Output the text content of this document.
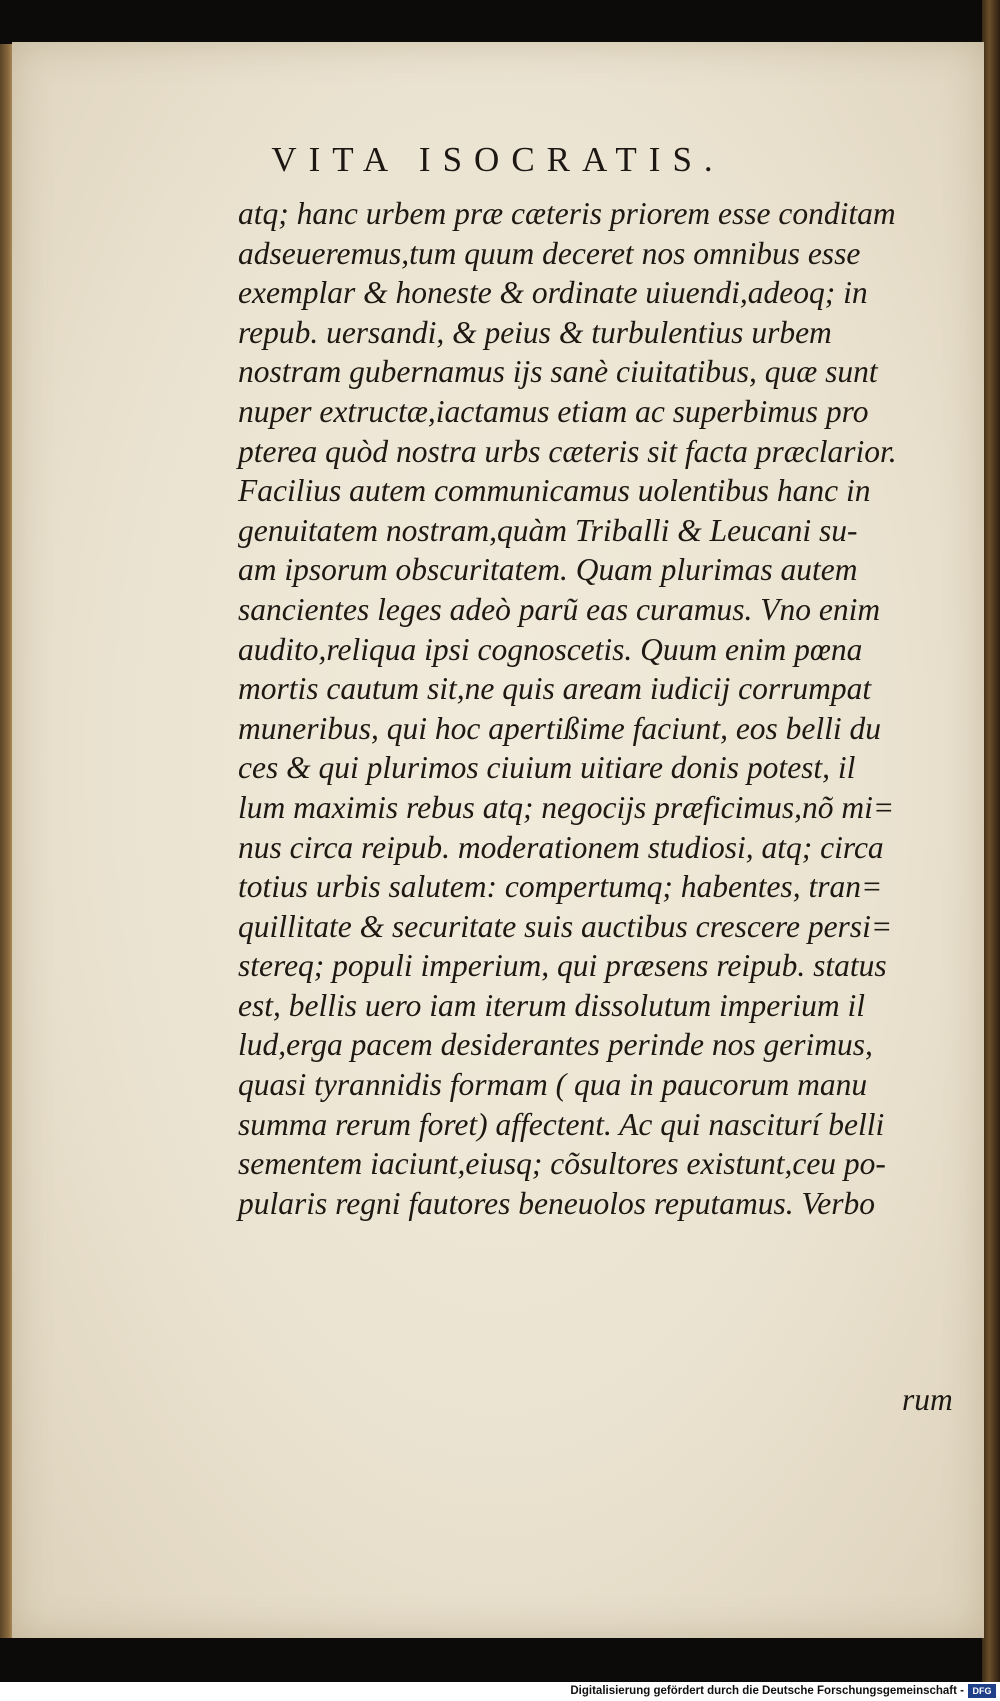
VITA ISOCRATIS.
atq; hanc urbem præ cæteris priorem esse conditam
adseueremus,tum quum deceret nos omnibus esse
exemplar & honeste & ordinate uiuendi,adeoq; in
repub. uersandi, & peius & turbulentius urbem
nostram gubernamus ijs sanè ciuitatibus, quæ sunt
nuper extructæ,iactamus etiam ac superbimus pro
pterea quòd nostra urbs cæteris sit facta præclarior.
Facilius autem communicamus uolentibus hanc in
genuitatem nostram,quàm Triballi & Leucani su-
am ipsorum obscuritatem. Quam plurimas autem
sancientes leges adeò parũ eas curamus. Vno enim
audito,reliqua ipsi cognoscetis. Quum enim pœna
mortis cautum sit,ne quis aream iudicij corrumpat
muneribus, qui hoc apertißime faciunt, eos belli du
ces & qui plurimos ciuium uitiare donis potest, il
lum maximis rebus atq; negocijs præficimus,nõ mi=
nus circa reipub. moderationem studiosi, atq; circa
totius urbis salutem: compertumq; habentes, tran=
quillitate & securitate suis auctibus crescere persi=
stereq; populi imperium, qui præsens reipub. status
est, bellis uero iam iterum dissolutum imperium il
lud,erga pacem desiderantes perinde nos gerimus,
quasi tyrannidis formam ( qua in paucorum manu
summa rerum foret) affectent. Ac qui nasciturí belli
sementem iaciunt,eiusq; cõsultores existunt,ceu po-
pularis regni fautores beneuolos reputamus. Verbo
rum
Digitalisierung gefördert durch die Deutsche Forschungsgemeinschaft - DFG
